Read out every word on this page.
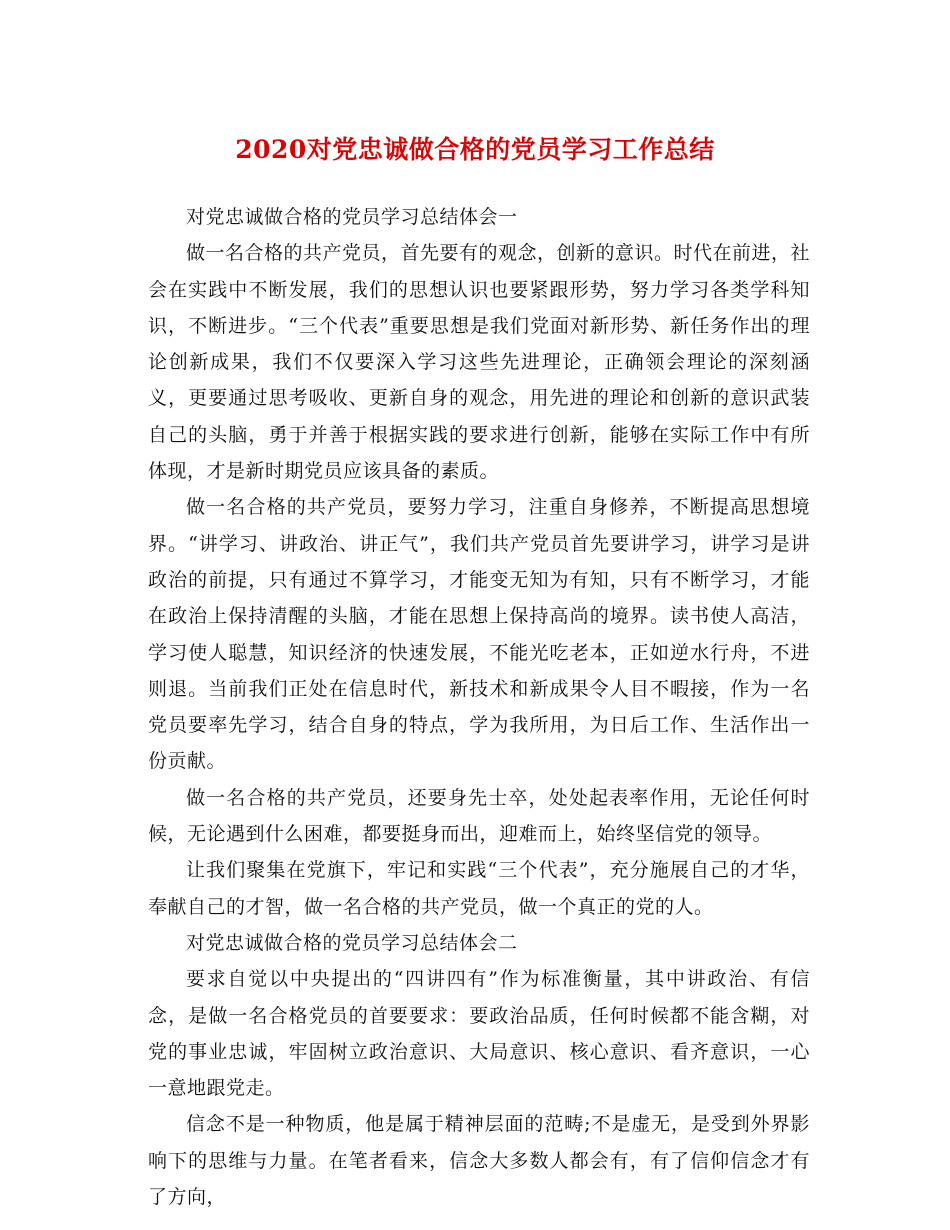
2020对党忠诚做合格的党员学习工作总结

对党忠诚做合格的党员学习总结体会一

做一名合格的共产党员，首先要有的观念，创新的意识。时代在前进，社会在实践中不断发展，我们的思想认识也要紧跟形势，努力学习各类学科知识，不断进步。“三个代表”重要思想是我们党面对新形势、新任务作出的理论创新成果，我们不仅要深入学习这些先进理论，正确领会理论的深刻涵义，更要通过思考吸收、更新自身的观念，用先进的理论和创新的意识武装自己的头脑，勇于并善于根据实践的要求进行创新，能够在实际工作中有所体现，才是新时期党员应该具备的素质。

做一名合格的共产党员，要努力学习，注重自身修养，不断提高思想境界。“讲学习、讲政治、讲正气”，我们共产党员首先要讲学习，讲学习是讲政治的前提，只有通过不算学习，才能变无知为有知，只有不断学习，才能在政治上保持清醒的头脑，才能在思想上保持高尚的境界。读书使人高洁，学习使人聪慧，知识经济的快速发展，不能光吃老本，正如逆水行舟，不进则退。当前我们正处在信息时代，新技术和新成果令人目不暇接，作为一名党员要率先学习，结合自身的特点，学为我所用，为日后工作、生活作出一份贡献。

做一名合格的共产党员，还要身先士卒，处处起表率作用，无论任何时候，无论遇到什么困难，都要挺身而出，迎难而上，始终坚信党的领导。

让我们聚集在党旗下，牢记和实践“三个代表”，充分施展自己的才华，奉献自己的才智，做一名合格的共产党员，做一个真正的党的人。

对党忠诚做合格的党员学习总结体会二

要求自觉以中央提出的“四讲四有”作为标准衡量，其中讲政治、有信念，是做一名合格党员的首要要求：要政治品质，任何时候都不能含糊，对党的事业忠诚，牢固树立政治意识、大局意识、核心意识、看齐意识，一心一意地跟党走。

信念不是一种物质，他是属于精神层面的范畴;不是虚无，是受到外界影响下的思维与力量。在笔者看来，信念大多数人都会有，有了信仰信念才有了方向，
